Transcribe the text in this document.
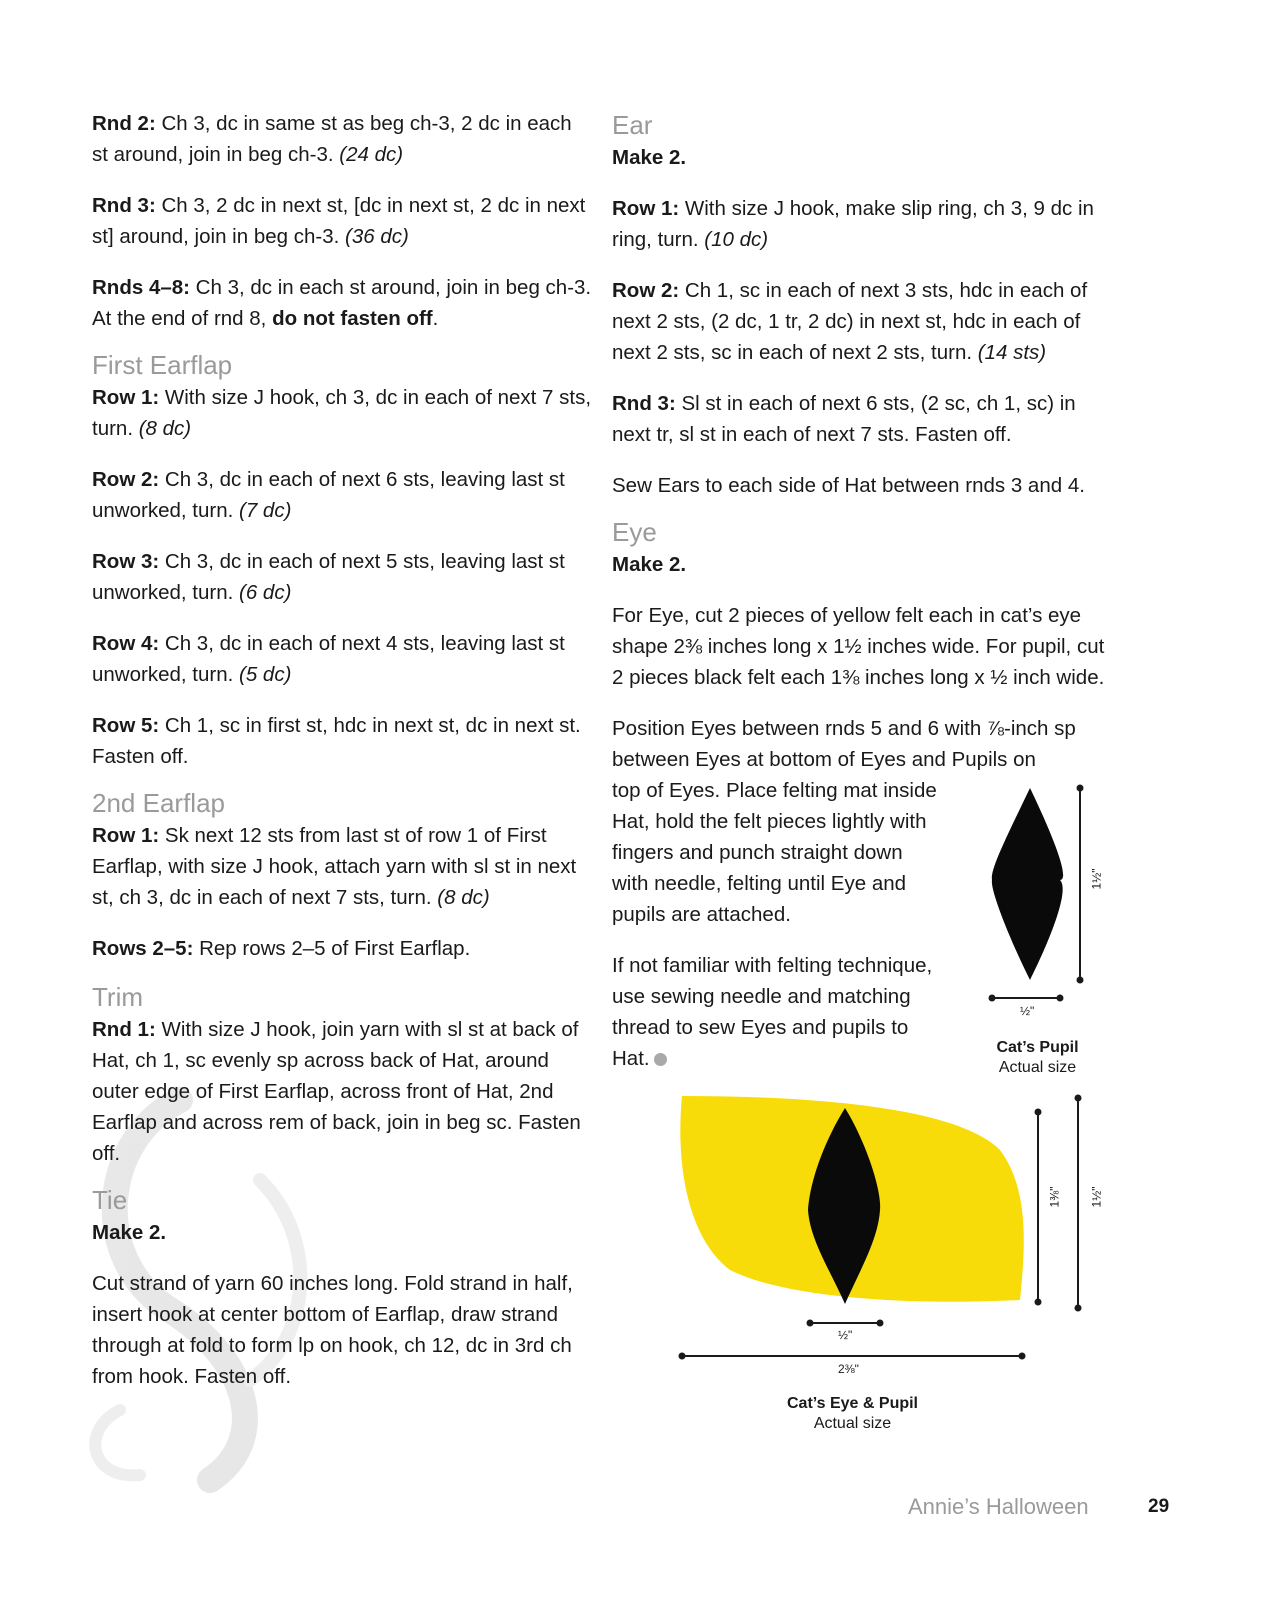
Rnd 2: Ch 3, dc in same st as beg ch-3, 2 dc in each st around, join in beg ch-3. (24 dc)

Rnd 3: Ch 3, 2 dc in next st, [dc in next st, 2 dc in next st] around, join in beg ch-3. (36 dc)

Rnds 4–8: Ch 3, dc in each st around, join in beg ch-3. At the end of rnd 8, do not fasten off.

First Earflap

Row 1: With size J hook, ch 3, dc in each of next 7 sts, turn. (8 dc)

Row 2: Ch 3, dc in each of next 6 sts, leaving last st unworked, turn. (7 dc)

Row 3: Ch 3, dc in each of next 5 sts, leaving last st unworked, turn. (6 dc)

Row 4: Ch 3, dc in each of next 4 sts, leaving last st unworked, turn. (5 dc)

Row 5: Ch 1, sc in first st, hdc in next st, dc in next st. Fasten off.

2nd Earflap

Row 1: Sk next 12 sts from last st of row 1 of First Earflap, with size J hook, attach yarn with sl st in next st, ch 3, dc in each of next 7 sts, turn. (8 dc)

Rows 2–5: Rep rows 2–5 of First Earflap.

Trim

Rnd 1: With size J hook, join yarn with sl st at back of Hat, ch 1, sc evenly sp across back of Hat, around outer edge of First Earflap, across front of Hat, 2nd Earflap and across rem of back, join in beg sc. Fasten off.

Tie

Make 2.

Cut strand of yarn 60 inches long. Fold strand in half, insert hook at center bottom of Earflap, draw strand through at fold to form lp on hook, ch 12, dc in 3rd ch from hook. Fasten off.

Ear

Make 2.

Row 1: With size J hook, make slip ring, ch 3, 9 dc in ring, turn. (10 dc)

Row 2: Ch 1, sc in each of next 3 sts, hdc in each of next 2 sts, (2 dc, 1 tr, 2 dc) in next st, hdc in each of next 2 sts, sc in each of next 2 sts, turn. (14 sts)

Rnd 3: Sl st in each of next 6 sts, (2 sc, ch 1, sc) in next tr, sl st in each of next 7 sts. Fasten off.

Sew Ears to each side of Hat between rnds 3 and 4.

Eye

Make 2.

For Eye, cut 2 pieces of yellow felt each in cat’s eye shape 2⅜ inches long x 1½ inches wide. For pupil, cut 2 pieces black felt each 1⅜ inches long x ½ inch wide.

Position Eyes between rnds 5 and 6 with ⅞-inch sp between Eyes at bottom of Eyes and Pupils on

top of Eyes. Place felting mat inside Hat, hold the felt pieces lightly with fingers and punch straight down with needle, felting until Eye and pupils are attached.

If not familiar with felting technique, use sewing needle and matching thread to sew Eyes and pupils to Hat.

1½"
½"
Cat’s Pupil
Actual size
1⅜" 1½"
½"
2⅜"
Cat’s Eye & Pupil
Actual size
Annie’s Halloween	29
